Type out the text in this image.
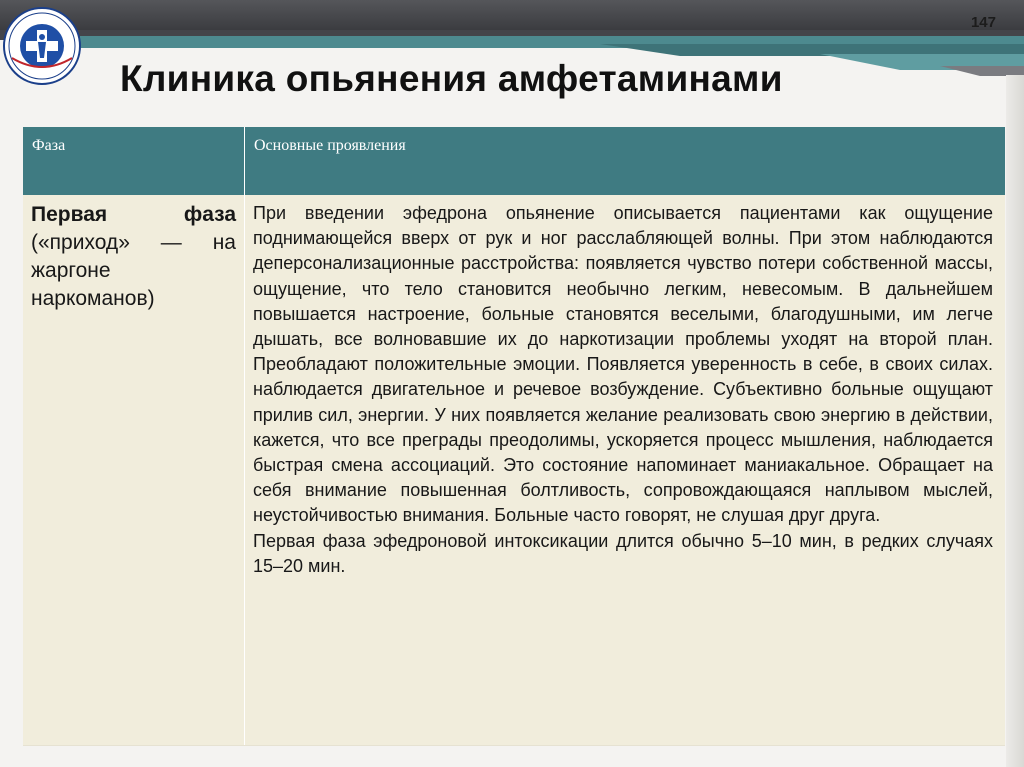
147
Клиника опьянения амфетаминами
Фаза	Основные проявления

Первая фаза («приход» — на жаргоне наркоманов)	При введении эфедрона опьянение описывается пациентами как ощущение поднимающейся вверх от рук и ног расслабляющей волны. При этом наблюдаются деперсонализационные расстройства: появляется чувство потери собственной массы, ощущение, что тело становится необычно легким, невесомым. В дальнейшем повышается настроение, больные становятся веселыми, благодушными, им легче дышать, все волновавшие их до наркотизации проблемы уходят на второй план. Преобладают положительные эмоции. Появляется уверенность в себе, в своих силах. наблюдается двигательное и речевое возбуждение. Субъективно больные ощущают прилив сил, энергии. У них появляется желание реализовать свою энергию в действии, кажется, что все преграды преодолимы, ускоряется процесс мышления, наблюдается быстрая смена ассоциаций. Это состояние напоминает маниакальное. Обращает на себя внимание повышенная болтливость, сопровождающаяся наплывом мыслей, неустойчивостью внимания. Больные часто говорят, не слушая друг друга.

Первая фаза эфедроновой интоксикации длится обычно 5–10 мин, в редких случаях 15–20 мин.
